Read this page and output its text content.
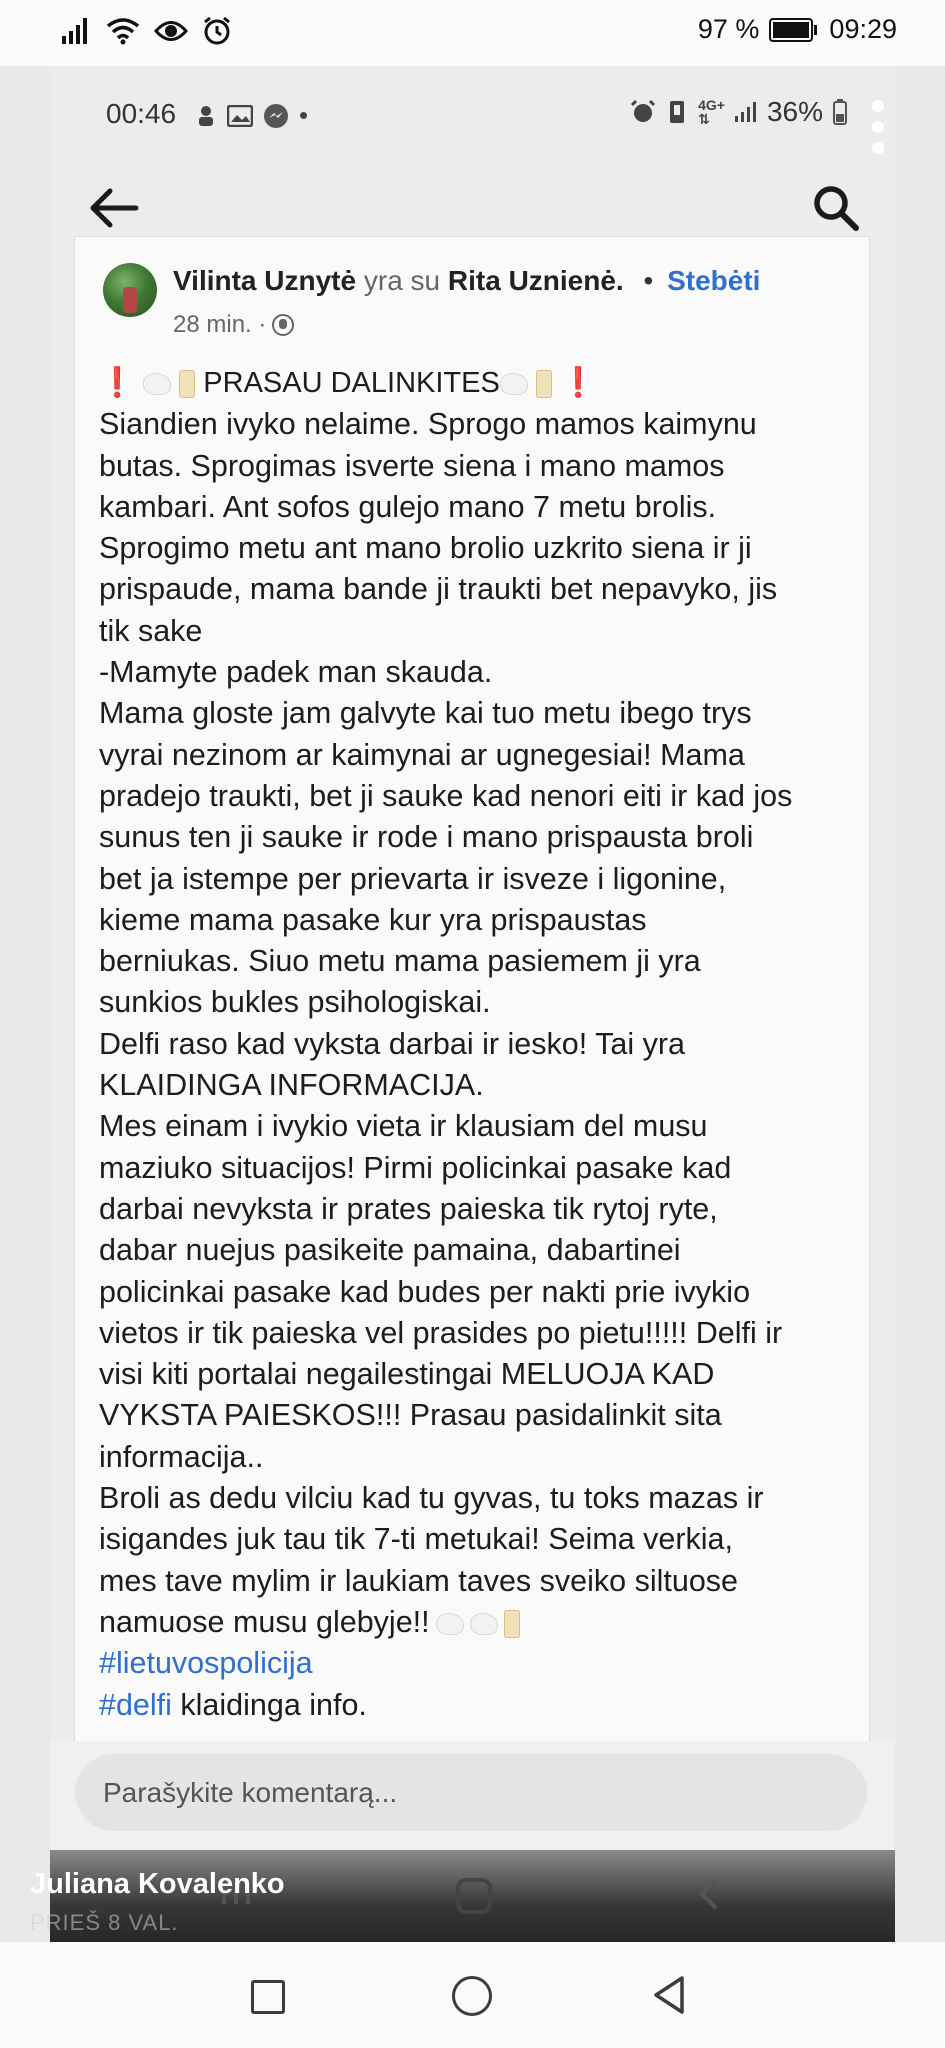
97 %	09:29
00:46	•	4G+
⇅	36%
Vilinta Uznytė yra su Rita Uznienė. • Stebėti
28 min. ·

❗ PRASAU DALINKITES ❗

Siandien ivyko nelaime. Sprogo mamos kaimynu

butas. Sprogimas isverte siena i mano mamos

kambari. Ant sofos gulejo mano 7 metu brolis.

Sprogimo metu ant mano brolio uzkrito siena ir ji

prispaude, mama bande ji traukti bet nepavyko, jis

tik sake

-Mamyte padek man skauda.

Mama gloste jam galvyte kai tuo metu ibego trys

vyrai nezinom ar kaimynai ar ugnegesiai! Mama

pradejo traukti, bet ji sauke kad nenori eiti ir kad jos

sunus ten ji sauke ir rode i mano prispausta broli

bet ja istempe per prievarta ir isveze i ligonine,

kieme mama pasake kur yra prispaustas

berniukas. Siuo metu mama pasiemem ji yra

sunkios bukles psihologiskai.

Delfi raso kad vyksta darbai ir iesko! Tai yra

KLAIDINGA INFORMACIJA.

Mes einam i ivykio vieta ir klausiam del musu

maziuko situacijos! Pirmi policinkai pasake kad

darbai nevyksta ir prates paieska tik rytoj ryte,

dabar nuejus pasikeite pamaina, dabartinei

policinkai pasake kad budes per nakti prie ivykio

vietos ir tik paieska vel prasides po pietu!!!!! Delfi ir

visi kiti portalai negailestingai MELUOJA KAD

VYKSTA PAIESKOS!!! Prasau pasidalinkit sita

informacija..

Broli as dedu vilciu kad tu gyvas, tu toks mazas ir

isigandes juk tau tik 7-ti metukai! Seima verkia,

mes tave mylim ir laukiam taves sveiko siltuose

namuose musu glebyje!!

#lietuvospolicija

#delfi klaidinga info.

Parašykite komentarą...
Juliana Kovalenko
PRIEŠ 8 VAL.
